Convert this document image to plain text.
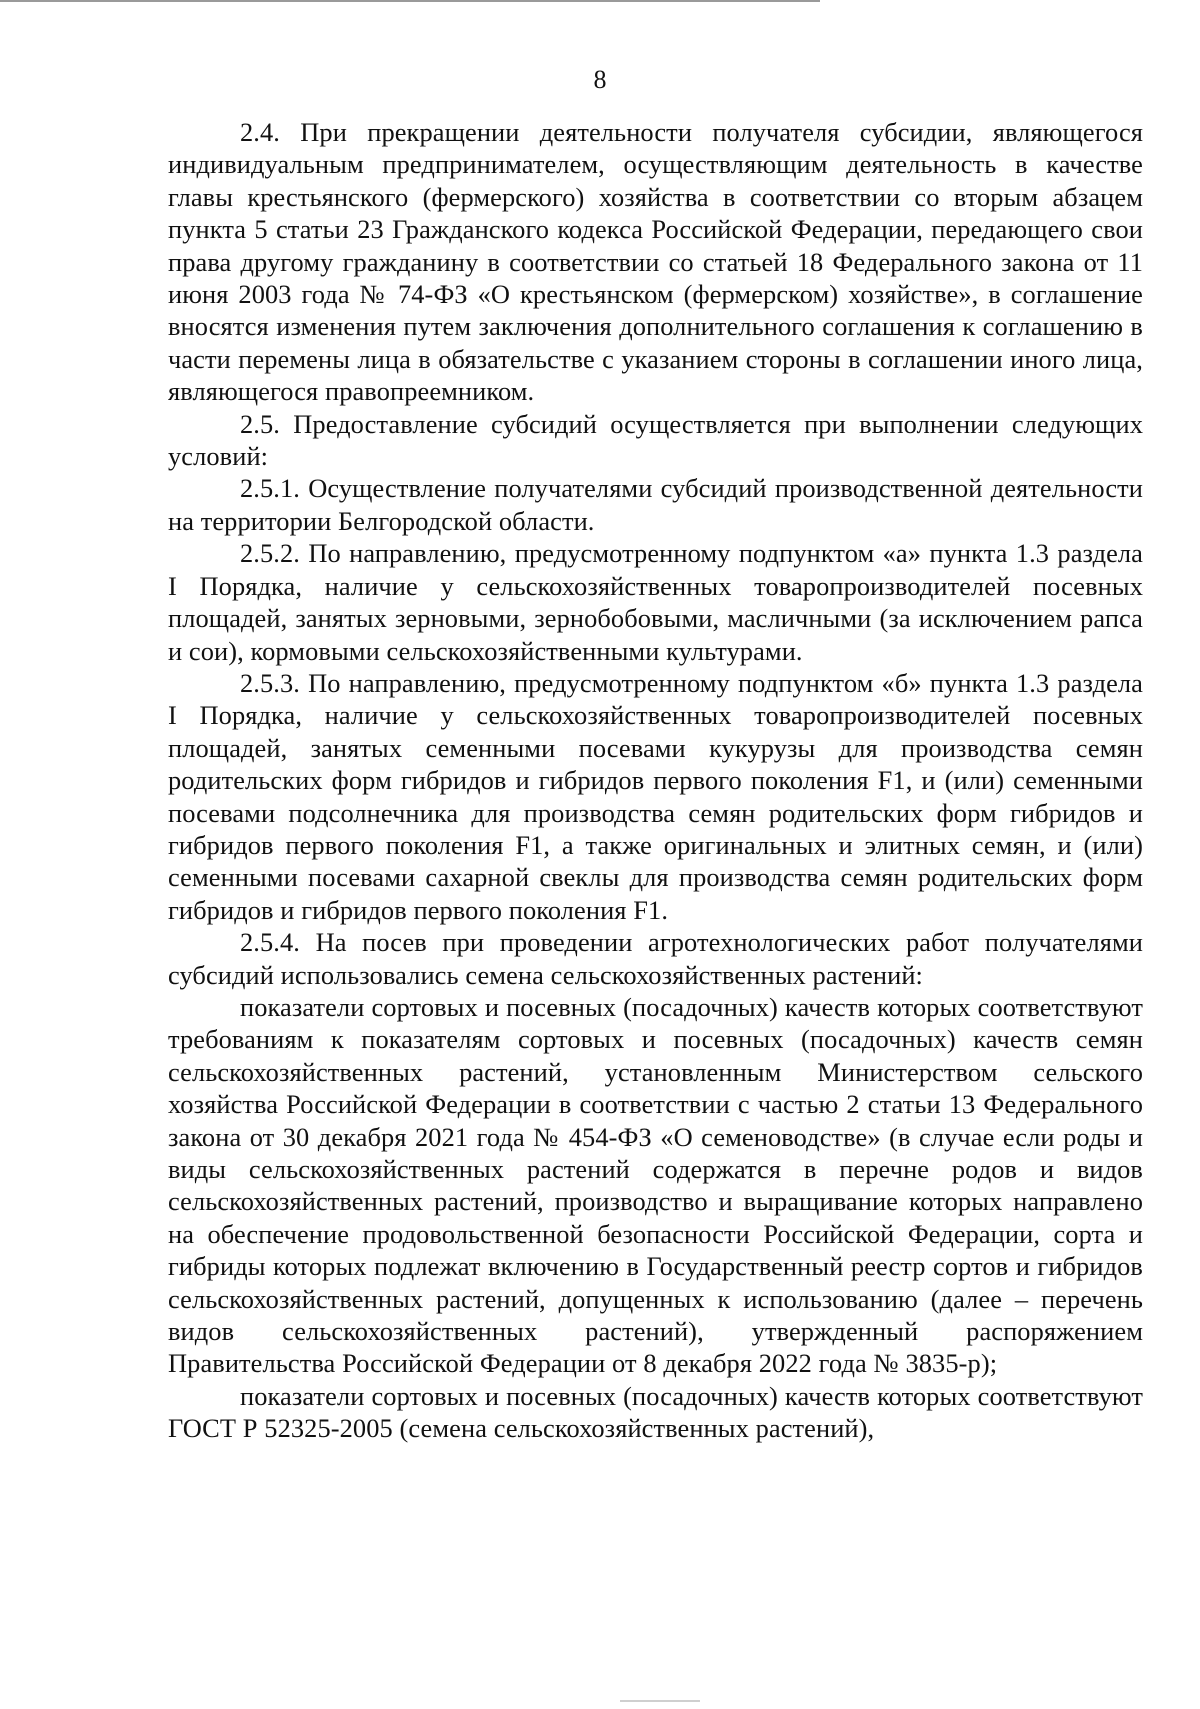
8

2.4. При прекращении деятельности получателя субсидии, являющегося индивидуальным предпринимателем, осуществляющим деятельность в качестве главы крестьянского (фермерского) хозяйства в соответствии со вторым абзацем пункта 5 статьи 23 Гражданского кодекса Российской Федерации, передающего свои права другому гражданину в соответствии со статьей 18 Федерального закона от 11 июня 2003 года № 74-ФЗ «О крестьянском (фермерском) хозяйстве», в соглашение вносятся изменения путем заключения дополнительного соглашения к соглашению в части перемены лица в обязательстве с указанием стороны в соглашении иного лица, являющегося правопреемником.

2.5. Предоставление субсидий осуществляется при выполнении следующих условий:

2.5.1. Осуществление получателями субсидий производственной деятельности на территории Белгородской области.

2.5.2. По направлению, предусмотренному подпунктом «а» пункта 1.3 раздела I Порядка, наличие у сельскохозяйственных товаропроизводителей посевных площадей, занятых зерновыми, зернобобовыми, масличными (за исключением рапса и сои), кормовыми сельскохозяйственными культурами.

2.5.3. По направлению, предусмотренному подпунктом «б» пункта 1.3 раздела I Порядка, наличие у сельскохозяйственных товаропроизводителей посевных площадей, занятых семенными посевами кукурузы для производства семян родительских форм гибридов и гибридов первого поколения F1, и (или) семенными посевами подсолнечника для производства семян родительских форм гибридов и гибридов первого поколения F1, а также оригинальных и элитных семян, и (или) семенными посевами сахарной свеклы для производства семян родительских форм гибридов и гибридов первого поколения F1.

2.5.4. На посев при проведении агротехнологических работ получателями субсидий использовались семена сельскохозяйственных растений:

показатели сортовых и посевных (посадочных) качеств которых соответствуют требованиям к показателям сортовых и посевных (посадочных) качеств семян сельскохозяйственных растений, установленным Министерством сельского хозяйства Российской Федерации в соответствии с частью 2 статьи 13 Федерального закона от 30 декабря 2021 года № 454-ФЗ «О семеноводстве» (в случае если роды и виды сельскохозяйственных растений содержатся в перечне родов и видов сельскохозяйственных растений, производство и выращивание которых направлено на обеспечение продовольственной безопасности Российской Федерации, сорта и гибриды которых подлежат включению в Государственный реестр сортов и гибридов сельскохозяйственных растений, допущенных к использованию (далее – перечень видов сельскохозяйственных растений), утвержденный распоряжением Правительства Российской Федерации от 8 декабря 2022 года № 3835-р);

показатели сортовых и посевных (посадочных) качеств которых соответствуют ГОСТ Р 52325-2005 (семена сельскохозяйственных растений),
